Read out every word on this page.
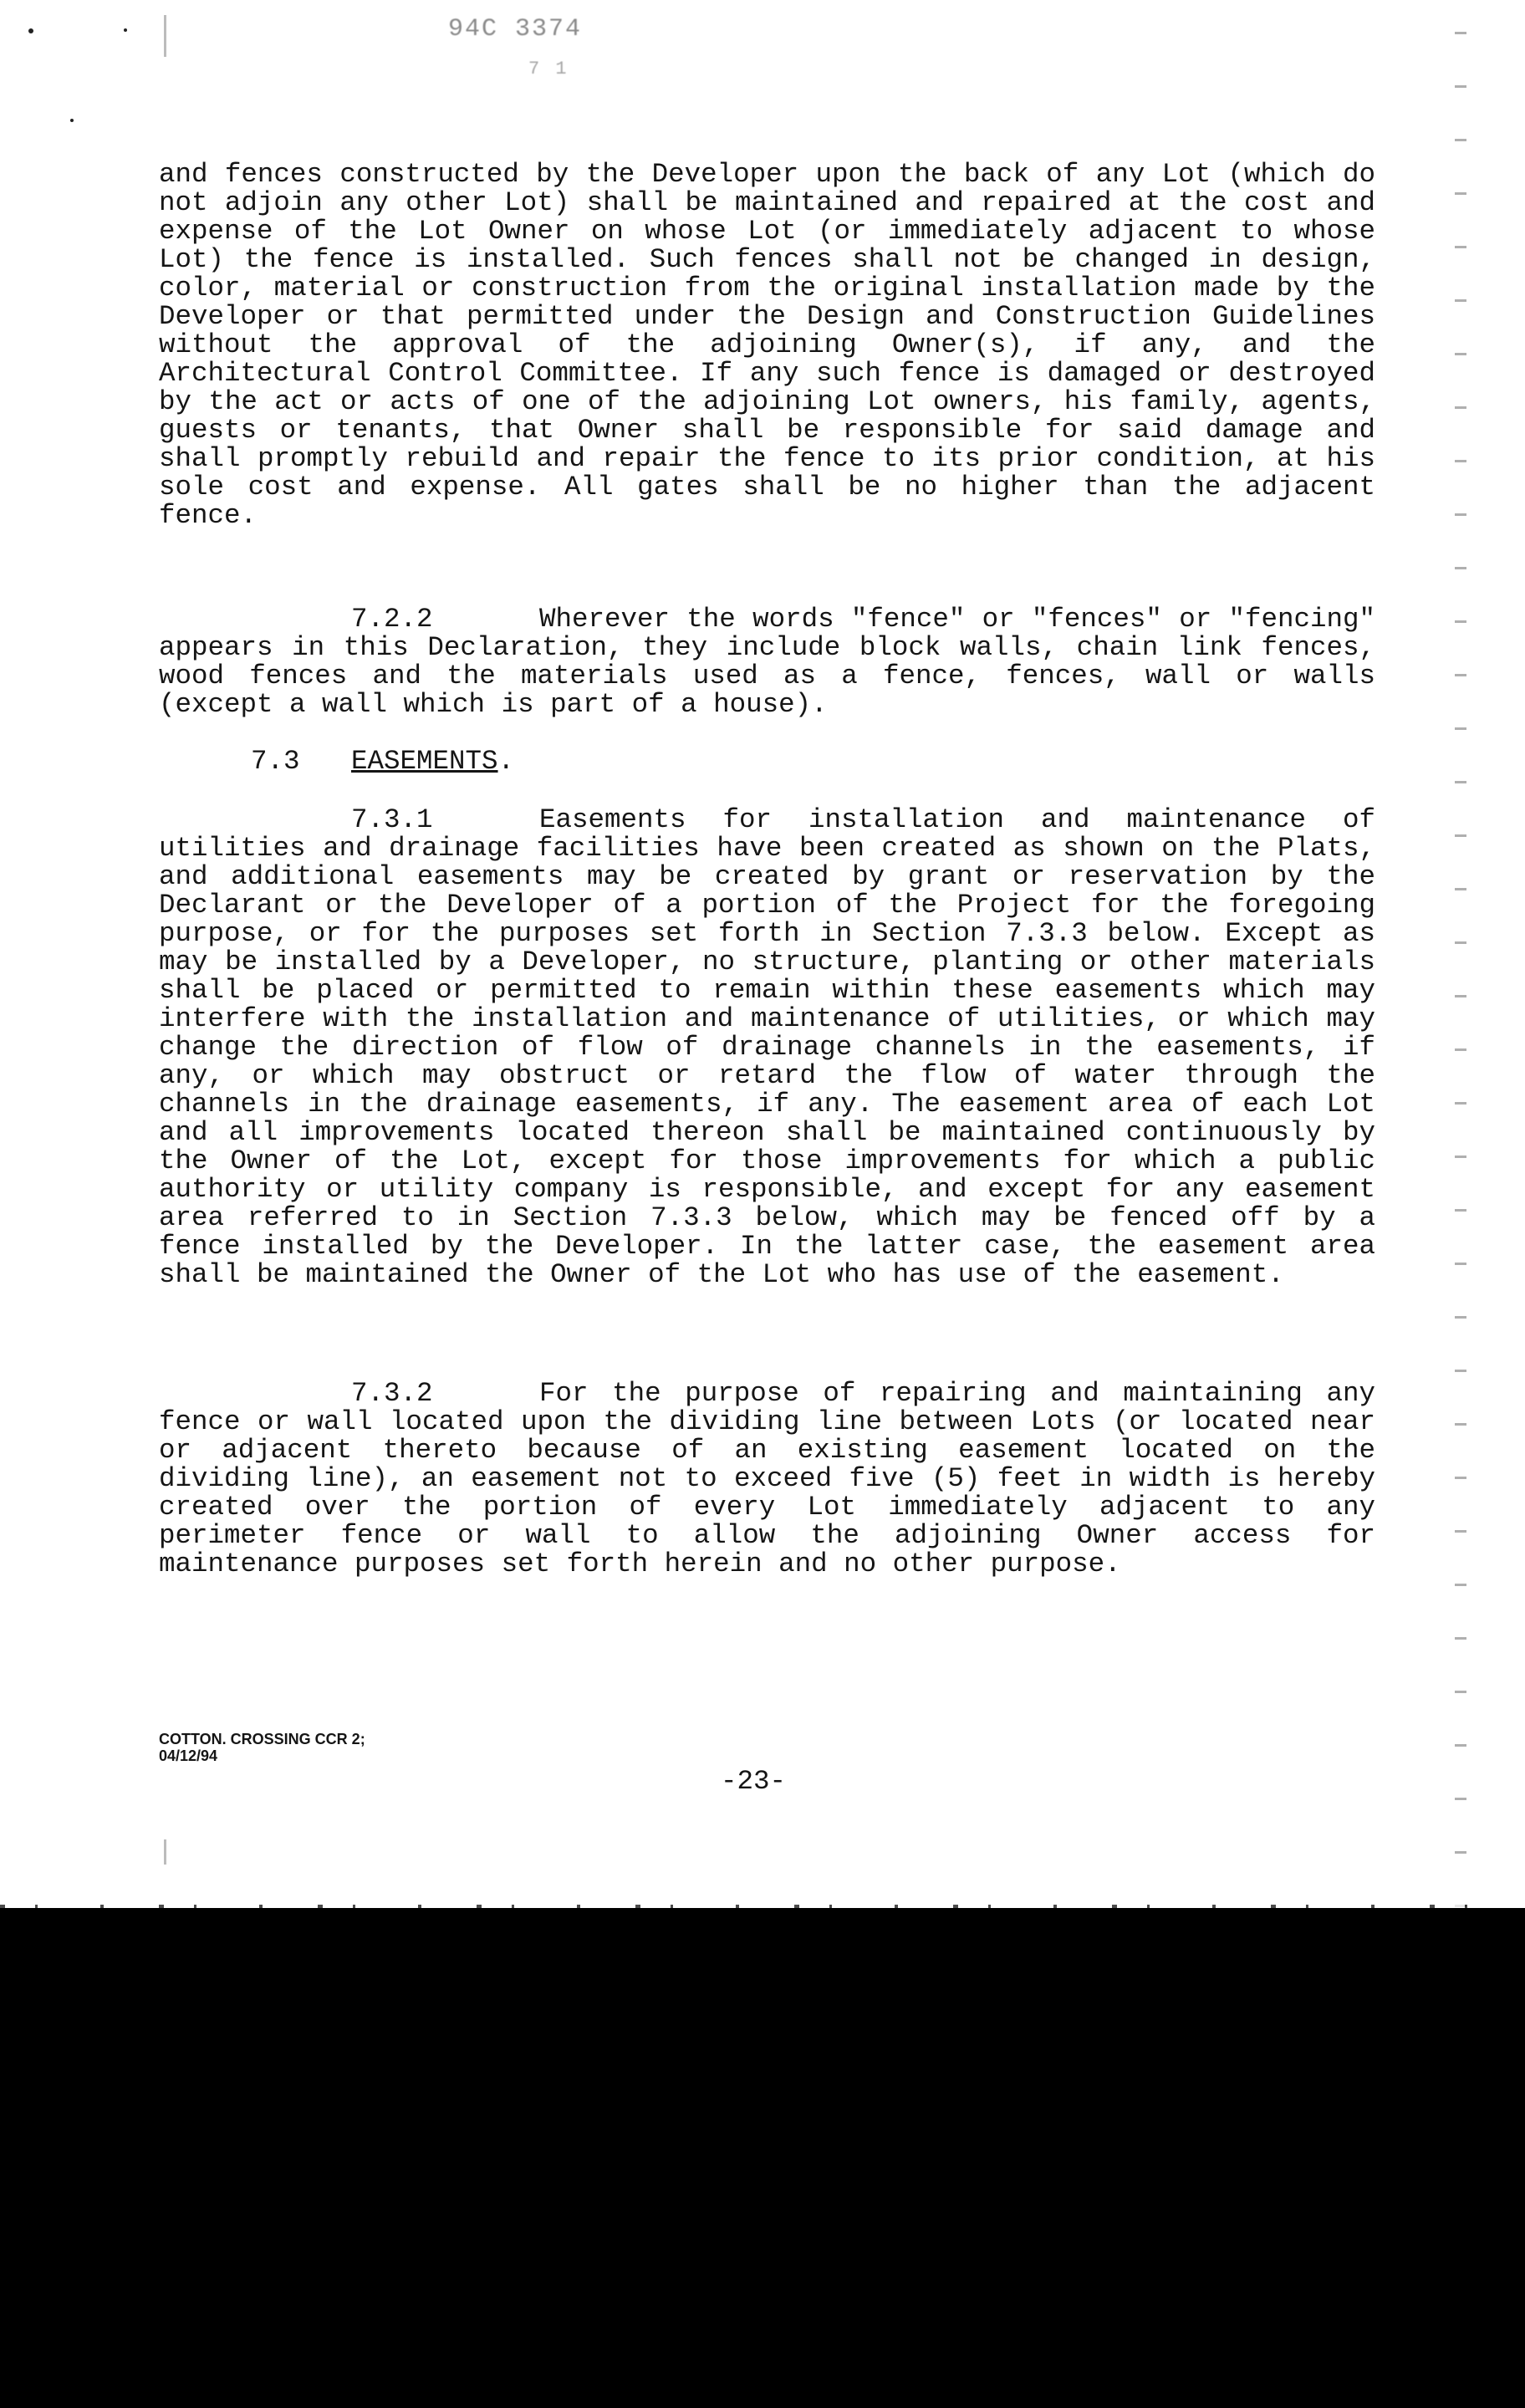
94C 3374
7 1
and fences constructed by the Developer upon the back of any Lot (which do not adjoin any other Lot) shall be maintained and repaired at the cost and expense of the Lot Owner on whose Lot (or immediately adjacent to whose Lot) the fence is installed. Such fences shall not be changed in design, color, material or construction from the original installation made by the Developer or that permitted under the Design and Construction Guidelines without the approval of the adjoining Owner(s), if any, and the Architectural Control Committee. If any such fence is damaged or destroyed by the act or acts of one of the adjoining Lot owners, his family, agents, guests or tenants, that Owner shall be responsible for said damage and shall promptly rebuild and repair the fence to its prior condition, at his sole cost and expense. All gates shall be no higher than the adjacent fence.
7.2.2	Wherever the words "fence" or "fences" or "fencing" appears in this Declaration, they include block walls, chain link fences, wood fences and the materials used as a fence, fences, wall or walls (except a wall which is part of a house).
7.3 EASEMENTS.
7.3.1	Easements for installation and maintenance of utilities and drainage facilities have been created as shown on the Plats, and additional easements may be created by grant or reservation by the Declarant or the Developer of a portion of the Project for the foregoing purpose, or for the purposes set forth in Section 7.3.3 below. Except as may be installed by a Developer, no structure, planting or other materials shall be placed or permitted to remain within these easements which may interfere with the installation and maintenance of utilities, or which may change the direction of flow of drainage channels in the easements, if any, or which may obstruct or retard the flow of water through the channels in the drainage easements, if any. The easement area of each Lot and all improvements located thereon shall be maintained continuously by the Owner of the Lot, except for those improvements for which a public authority or utility company is responsible, and except for any easement area referred to in Section 7.3.3 below, which may be fenced off by a fence installed by the Developer. In the latter case, the easement area shall be maintained the Owner of the Lot who has use of the easement.
7.3.2	For the purpose of repairing and maintaining any fence or wall located upon the dividing line between Lots (or located near or adjacent thereto because of an existing easement located on the dividing line), an easement not to exceed five (5) feet in width is hereby created over the portion of every Lot immediately adjacent to any perimeter fence or wall to allow the adjoining Owner access for maintenance purposes set forth herein and no other purpose.
COTTON. CROSSING CCR 2;
04/12/94
-23-
